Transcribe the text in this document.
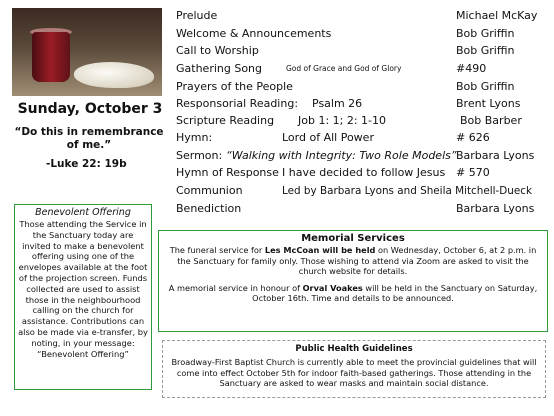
Sunday, October 3
“Do this in remembrance of me.”
-Luke 22: 19b
Benevolent Offering
Those attending the Service in the Sanctuary today are invited to make a benevolent offering using one of the envelopes available at the foot of the projection screen. Funds collected are used to assist those in the neighbourhood calling on the church for assistance. Contributions can also be made via e-transfer, by noting, in your message: “Benevolent Offering”
Prelude	Michael McKay
Welcome & Announcements	Bob Griffin
Call to Worship	Bob Griffin
Gathering Song	God of Grace and God of Glory	#490
Prayers of the People	Bob Griffin
Responsorial Reading: Psalm 26	Brent Lyons
Scripture Reading Job 1: 1; 2: 1-10	Bob Barber
Hymn:	Lord of All Power	# 626
Sermon: “Walking with Integrity: Two Role Models” Barbara Lyons
Hymn of Response I have decided to follow Jesus # 570
Communion	Led by Barbara Lyons and Sheila Mitchell-Dueck
Benediction	Barbara Lyons
Memorial Services

The funeral service for Les McCoan will be held on Wednesday, October 6, at 2 p.m. in the Sanctuary for family only. Those wishing to attend via Zoom are asked to visit the church website for details.

A memorial service in honour of Orval Voakes will be held in the Sanctuary on Saturday, October 16th. Time and details to be announced.

Public Health Guidelines

Broadway-First Baptist Church is currently able to meet the provincial guidelines that will come into effect October 5th for indoor faith-based gatherings. Those attending in the Sanctuary are asked to wear masks and maintain social distance.
